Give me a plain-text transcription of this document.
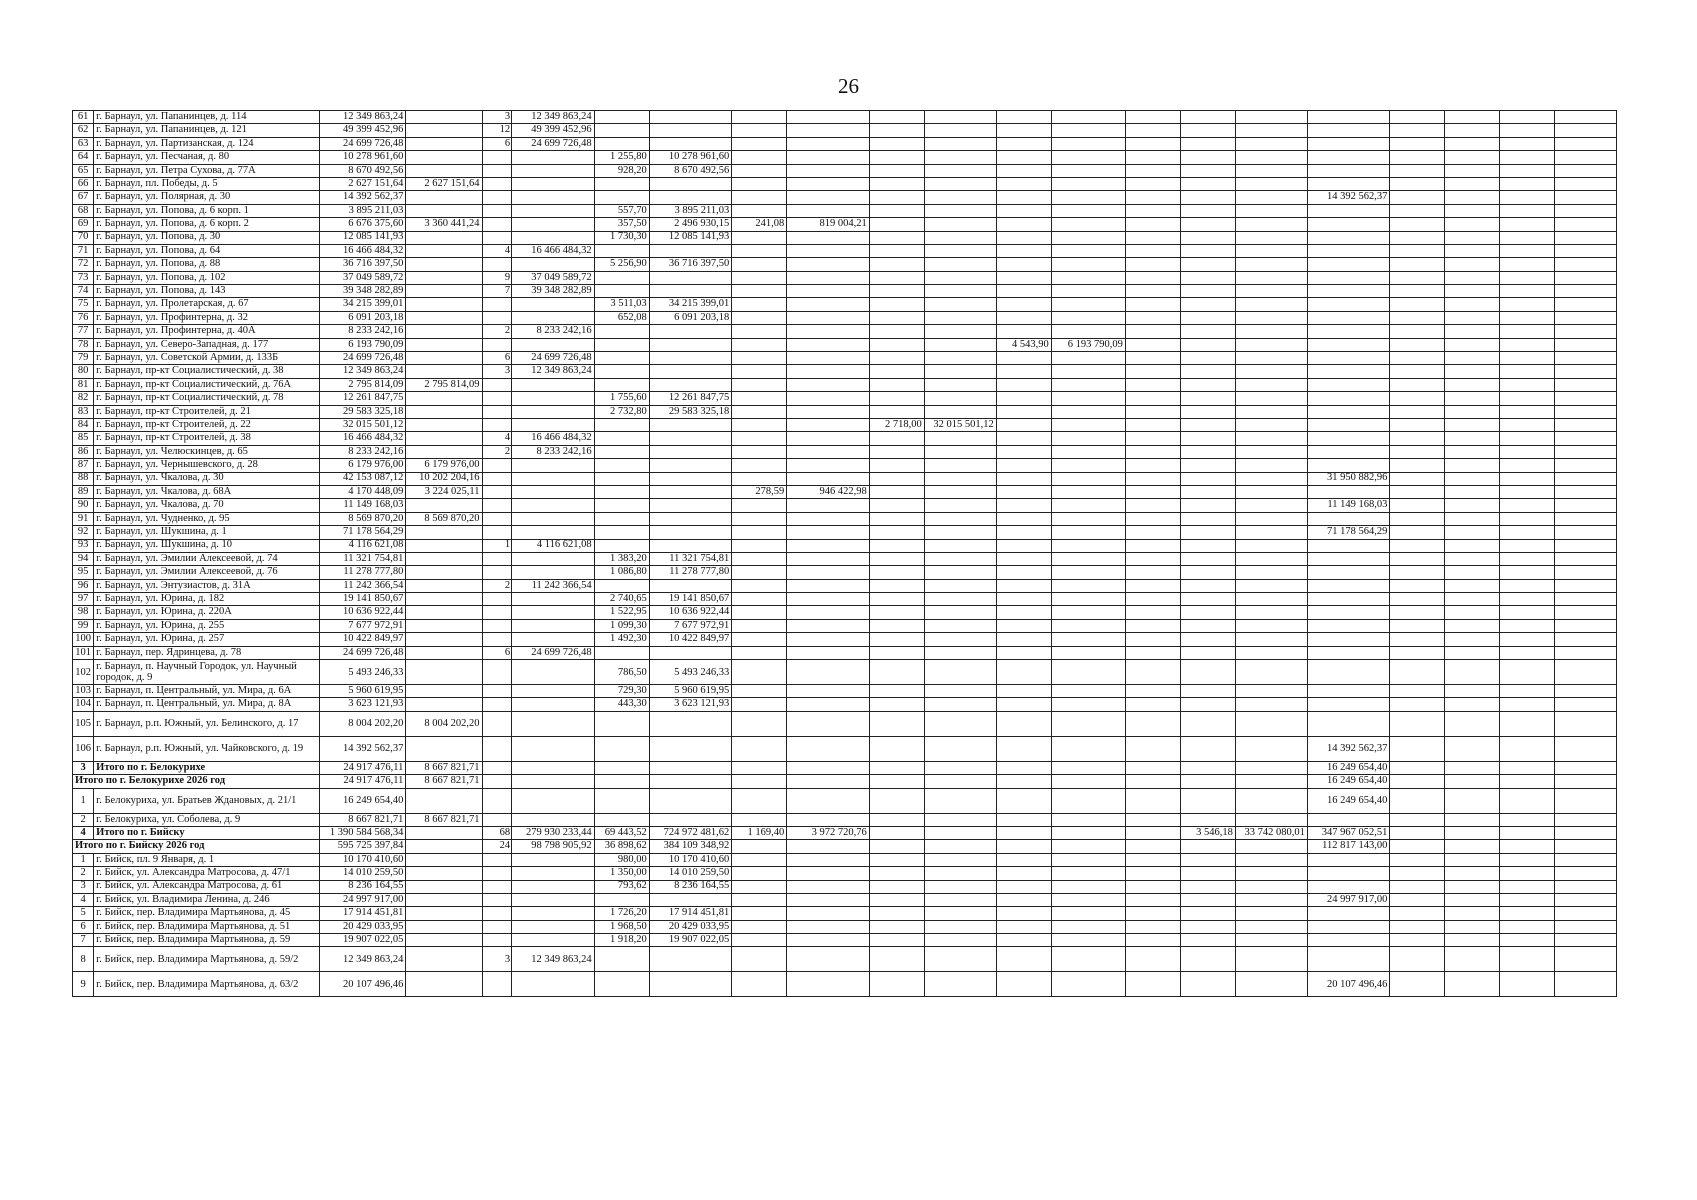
26
61	г. Барнаул, ул. Папанинцев, д. 114	12 349 863,24		3	12 349 863,24																
62	г. Барнаул, ул. Папанинцев, д. 121	49 399 452,96		12	49 399 452,96																
63	г. Барнаул, ул. Партизанская, д. 124	24 699 726,48		6	24 699 726,48																
64	г. Барнаул, ул. Песчаная, д. 80	10 278 961,60				1 255,80	10 278 961,60														
65	г. Барнаул, ул. Петра Сухова, д. 77А	8 670 492,56				928,20	8 670 492,56														
66	г. Барнаул, пл. Победы, д. 5	2 627 151,64	2 627 151,64																		
67	г. Барнаул, ул. Полярная, д. 30	14 392 562,37															14 392 562,37				
68	г. Барнаул, ул. Попова, д. 6 корп. 1	3 895 211,03				557,70	3 895 211,03														
69	г. Барнаул, ул. Попова, д. 6 корп. 2	6 676 375,60	3 360 441,24			357,50	2 496 930,15	241,08	819 004,21												
70	г. Барнаул, ул. Попова, д. 30	12 085 141,93				1 730,30	12 085 141,93														
71	г. Барнаул, ул. Попова, д. 64	16 466 484,32		4	16 466 484,32																
72	г. Барнаул, ул. Попова, д. 88	36 716 397,50				5 256,90	36 716 397,50														
73	г. Барнаул, ул. Попова, д. 102	37 049 589,72		9	37 049 589,72																
74	г. Барнаул, ул. Попова, д. 143	39 348 282,89		7	39 348 282,89																
75	г. Барнаул, ул. Пролетарская, д. 67	34 215 399,01				3 511,03	34 215 399,01														
76	г. Барнаул, ул. Профинтерна, д. 32	6 091 203,18				652,08	6 091 203,18														
77	г. Барнаул, ул. Профинтерна, д. 40А	8 233 242,16		2	8 233 242,16																
78	г. Барнаул, ул. Северо-Западная, д. 177	6 193 790,09										4 543,90	6 193 790,09								
79	г. Барнаул, ул. Советской Армии, д. 133Б	24 699 726,48		6	24 699 726,48																
80	г. Барнаул, пр-кт Социалистический, д. 38	12 349 863,24		3	12 349 863,24																
81	г. Барнаул, пр-кт Социалистический, д. 76А	2 795 814,09	2 795 814,09																		
82	г. Барнаул, пр-кт Социалистический, д. 78	12 261 847,75				1 755,60	12 261 847,75														
83	г. Барнаул, пр-кт Строителей, д. 21	29 583 325,18				2 732,80	29 583 325,18														
84	г. Барнаул, пр-кт Строителей, д. 22	32 015 501,12								2 718,00	32 015 501,12										
85	г. Барнаул, пр-кт Строителей, д. 38	16 466 484,32		4	16 466 484,32																
86	г. Барнаул, ул. Челюскинцев, д. 65	8 233 242,16		2	8 233 242,16																
87	г. Барнаул, ул. Чернышевского, д. 28	6 179 976,00	6 179 976,00																		
88	г. Барнаул, ул. Чкалова, д. 30	42 153 087,12	10 202 204,16														31 950 882,96				
89	г. Барнаул, ул. Чкалова, д. 68А	4 170 448,09	3 224 025,11					278,59	946 422,98												
90	г. Барнаул, ул. Чкалова, д. 70	11 149 168,03															11 149 168,03				
91	г. Барнаул, ул. Чудненко, д. 95	8 569 870,20	8 569 870,20																		
92	г. Барнаул, ул. Шукшина, д. 1	71 178 564,29															71 178 564,29				
93	г. Барнаул, ул. Шукшина, д. 10	4 116 621,08		1	4 116 621,08																
94	г. Барнаул, ул. Эмилии Алексеевой, д. 74	11 321 754,81				1 383,20	11 321 754,81														
95	г. Барнаул, ул. Эмилии Алексеевой, д. 76	11 278 777,80				1 086,80	11 278 777,80														
96	г. Барнаул, ул. Энтузиастов, д. 31А	11 242 366,54		2	11 242 366,54																
97	г. Барнаул, ул. Юрина, д. 182	19 141 850,67				2 740,65	19 141 850,67														
98	г. Барнаул, ул. Юрина, д. 220А	10 636 922,44				1 522,95	10 636 922,44														
99	г. Барнаул, ул. Юрина, д. 255	7 677 972,91				1 099,30	7 677 972,91														
100	г. Барнаул, ул. Юрина, д. 257	10 422 849,97				1 492,30	10 422 849,97														
101	г. Барнаул, пер. Ядринцева, д. 78	24 699 726,48		6	24 699 726,48																
102	г. Барнаул, п. Научный Городок, ул. Научный городок, д. 9	5 493 246,33				786,50	5 493 246,33														
103	г. Барнаул, п. Центральный, ул. Мира, д. 6А	5 960 619,95				729,30	5 960 619,95														
104	г. Барнаул, п. Центральный, ул. Мира, д. 8А	3 623 121,93				443,30	3 623 121,93														
105	г. Барнаул, р.п. Южный, ул. Белинского, д. 17	8 004 202,20	8 004 202,20																		
106	г. Барнаул, р.п. Южный, ул. Чайковского, д. 19	14 392 562,37															14 392 562,37				
3	Итого по г. Белокурихе	24 917 476,11	8 667 821,71														16 249 654,40				
Итого по г. Белокурихе 2026 год		24 917 476,11	8 667 821,71														16 249 654,40				
1	г. Белокуриха, ул. Братьев Ждановых, д. 21/1	16 249 654,40															16 249 654,40				
2	г. Белокуриха, ул. Соболева, д. 9	8 667 821,71	8 667 821,71																		
4	Итого по г. Бийску	1 390 584 568,34		68	279 930 233,44	69 443,52	724 972 481,62	1 169,40	3 972 720,76						3 546,18	33 742 080,01	347 967 052,51				
Итого по г. Бийску 2026 год		595 725 397,84		24	98 798 905,92	36 898,62	384 109 348,92										112 817 143,00				
1	г. Бийск, пл. 9 Января, д. 1	10 170 410,60				980,00	10 170 410,60														
2	г. Бийск, ул. Александра Матросова, д. 47/1	14 010 259,50				1 350,00	14 010 259,50														
3	г. Бийск, ул. Александра Матросова, д. 61	8 236 164,55				793,62	8 236 164,55														
4	г. Бийск, ул. Владимира Ленина, д. 246	24 997 917,00															24 997 917,00				
5	г. Бийск, пер. Владимира Мартьянова, д. 45	17 914 451,81				1 726,20	17 914 451,81														
6	г. Бийск, пер. Владимира Мартьянова, д. 51	20 429 033,95				1 968,50	20 429 033,95														
7	г. Бийск, пер. Владимира Мартьянова, д. 59	19 907 022,05				1 918,20	19 907 022,05														
8	г. Бийск, пер. Владимира Мартьянова, д. 59/2	12 349 863,24		3	12 349 863,24																
9	г. Бийск, пер. Владимира Мартьянова, д. 63/2	20 107 496,46															20 107 496,46				
